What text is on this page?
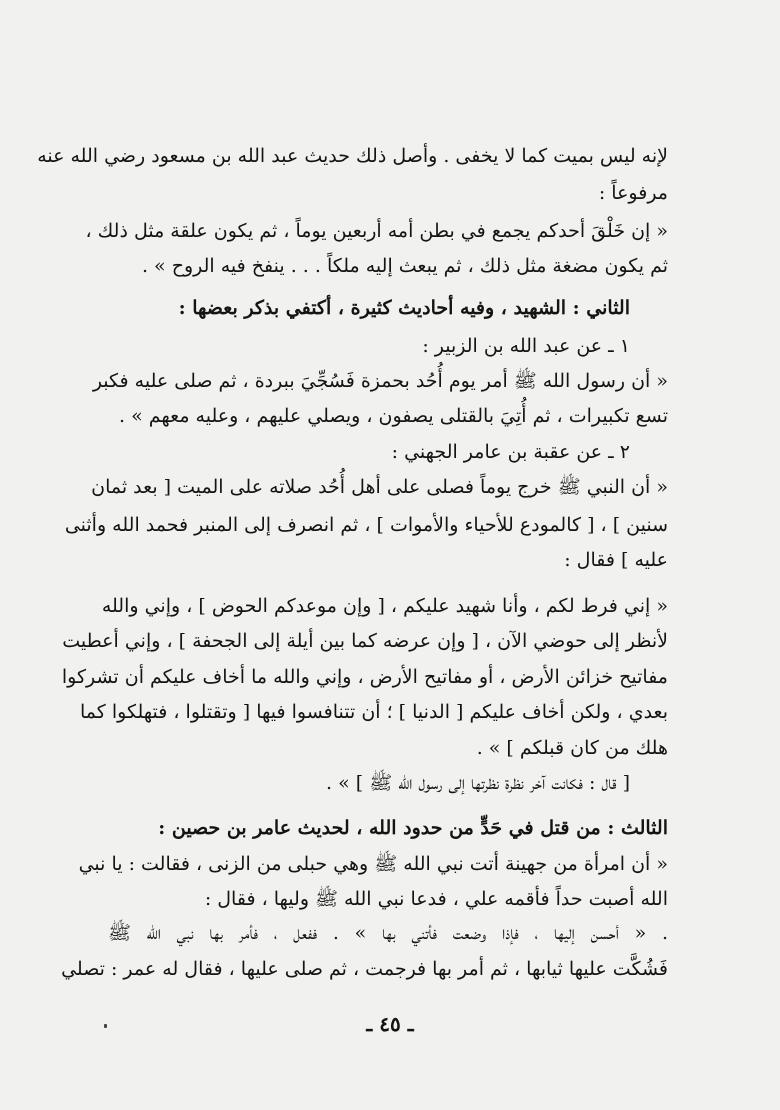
لإنه ليس بميت كما لا يخفى . وأصل ذلك حديث عبد الله بن مسعود رضي الله عنه
مرفوعاً :
« إن خَلْقَ أحدكم يجمع في بطن أمه أربعين يوماً ، ثم يكون علقة مثل ذلك ،
ثم يكون مضغة مثل ذلك ، ثم يبعث إليه ملكاً . . . ينفخ فيه الروح » .
الثاني : الشهيد ، وفيه أحاديث كثيرة ، أكتفي بذكر بعضها :
١ ـ عن عبد الله بن الزبير :
« أن رسول الله ﷺ أمر يوم أُحُد بحمزة فَسُجِّيَ ببردة ، ثم صلى عليه فكبر
تسع تكبيرات ، ثم أُتِيَ بالقتلى يصفون ، ويصلي عليهم ، وعليه معهم » .
٢ ـ عن عقبة بن عامر الجهني :
« أن النبي ﷺ خرج يوماً فصلى على أهل أُحُد صلاته على الميت [ بعد ثمان
سنين ] ، [ كالمودع للأحياء والأموات ] ، ثم انصرف إلى المنبر فحمد الله وأثنى
عليه ] فقال :
« إني فرط لكم ، وأنا شهيد عليكم ، [ وإن موعدكم الحوض ] ، وإني والله
لأنظر إلى حوضي الآن ، [ وإن عرضه كما بين أيلة إلى الجحفة ] ، وإني أعطيت
مفاتيح خزائن الأرض ، أو مفاتيح الأرض ، وإني والله ما أخاف عليكم أن تشركوا
بعدي ، ولكن أخاف عليكم [ الدنيا ] ؛ أن تتنافسوا فيها [ وتقتلوا ، فتهلكوا كما
هلك من كان قبلكم ] » .
[ قال : فكانت آخر نظرة نظرتها إلى رسول الله ﷺ ] » .
الثالث : من قتل في حَدٍّ من حدود الله ، لحديث عامر بن حصين :
« أن امرأة من جهينة أتت نبي الله ﷺ وهي حبلى من الزنى ، فقالت : يا نبي
الله أصبت حداً فأقمه علي ، فدعا نبي الله ﷺ وليها ، فقال :
. « أحسن إليها ، فإذا وضعت فأتني بها » . ففعل ، فأمر بها نبي الله ﷺ
فَشُكَّت عليها ثيابها ، ثم أمر بها فرجمت ، ثم صلى عليها ، فقال له عمر : تصلي
ـ ٤٥ ـ
